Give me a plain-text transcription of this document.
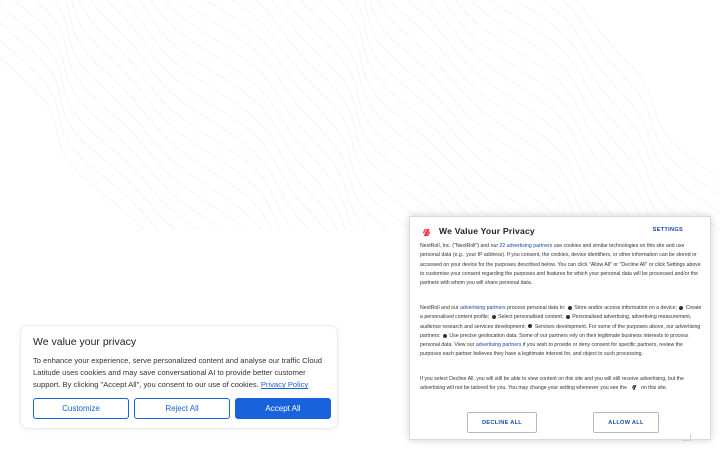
We value your privacy

To enhance your experience, serve personalized content and analyse our traffic Cloud Latitude uses cookies and may save conversational AI to provide better customer support. By clicking "Accept All", you consent to our use of cookies. Privacy Policy

Customize	Reject All	Accept All
We Value Your Privacy	SETTINGS

NextRoll, Inc. ("NextRoll") and our 22 advertising partners use cookies and similar technologies on this site and use personal data (e.g., your IP address). If you consent, the cookies, device identifiers, or other information can be stored or accessed on your device for the purposes described below. You can click "Allow All" or "Decline All" or click Settings above to customise your consent regarding the purposes and features for which your personal data will be processed and/or the partners with whom you will share personal data.

NextRoll and our advertising partners process personal data to:  Store and/or access information on a device; Create a personalised content profile; Select personalised content; Personalised advertising, advertising measurement, audience research and services development; Services development. For some of the purposes above, our advertising partners: Use precise geolocation data. Some of our partners rely on their legitimate business interests to process personal data. View our advertising partners if you wish to provide or deny consent for specific partners, review the purposes each partner believes they have a legitimate interest for, and object to such processing.

If you select Decline All, you will still be able to view content on this site and you will still receive advertising, but the advertising will not be tailored for you. You may change your setting whenever you see the  on this site.

DECLINE ALL	ALLOW ALL
